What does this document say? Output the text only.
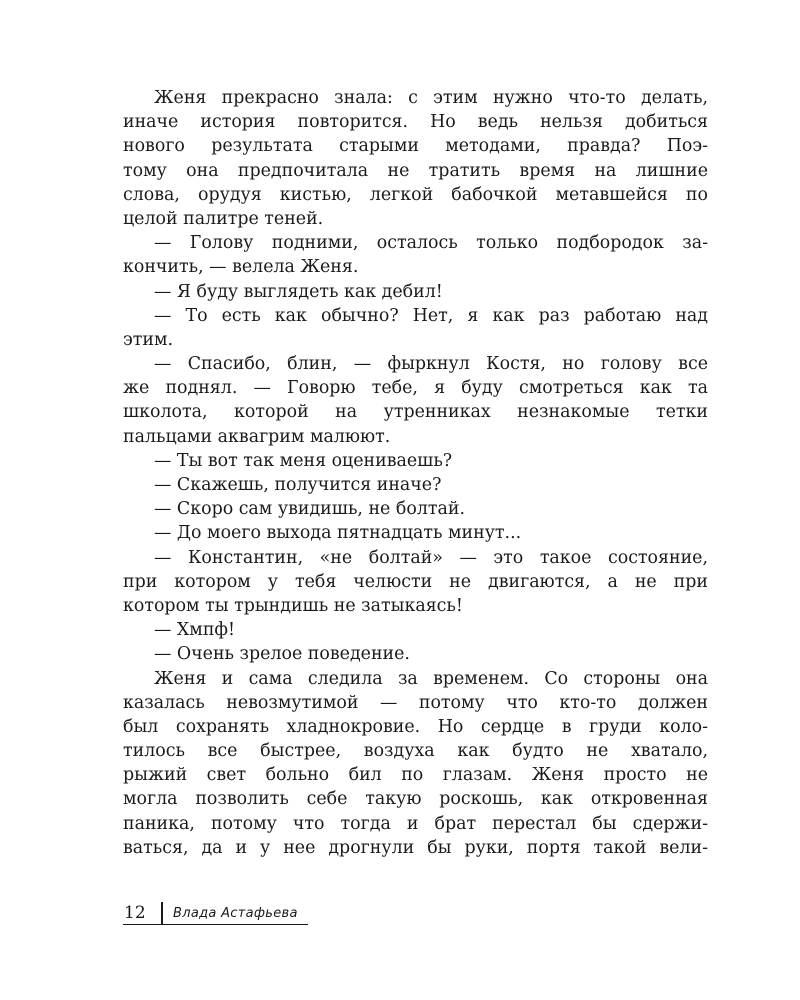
Женя прекрасно знала: с этим нужно что-то делать,
иначе история повторится. Но ведь нельзя добиться
нового результата старыми методами, правда? Поэ-
тому она предпочитала не тратить время на лишние
слова, орудуя кистью, легкой бабочкой метавшейся по
целой палитре теней.
— Голову подними, осталось только подбородок за-
кончить, — велела Женя.
— Я буду выглядеть как дебил!
— То есть как обычно? Нет, я как раз работаю над
этим.
— Спасибо, блин, — фыркнул Костя, но голову все
же поднял. — Говорю тебе, я буду смотреться как та
школота, которой на утренниках незнакомые тетки
пальцами аквагрим малюют.
— Ты вот так меня оцениваешь?
— Скажешь, получится иначе?
— Скоро сам увидишь, не болтай.
— До моего выхода пятнадцать минут...
— Константин, «не болтай» — это такое состояние,
при котором у тебя челюсти не двигаются, а не при
котором ты трындишь не затыкаясь!
— Хмпф!
— Очень зрелое поведение.
Женя и сама следила за временем. Со стороны она
казалась невозмутимой — потому что кто-то должен
был сохранять хладнокровие. Но сердце в груди коло-
тилось все быстрее, воздуха как будто не хватало,
рыжий свет больно бил по глазам. Женя просто не
могла позволить себе такую роскошь, как откровенная
паника, потому что тогда и брат перестал бы сдержи-
ваться, да и у нее дрогнули бы руки, портя такой вели-
12	Влада Астафьева
